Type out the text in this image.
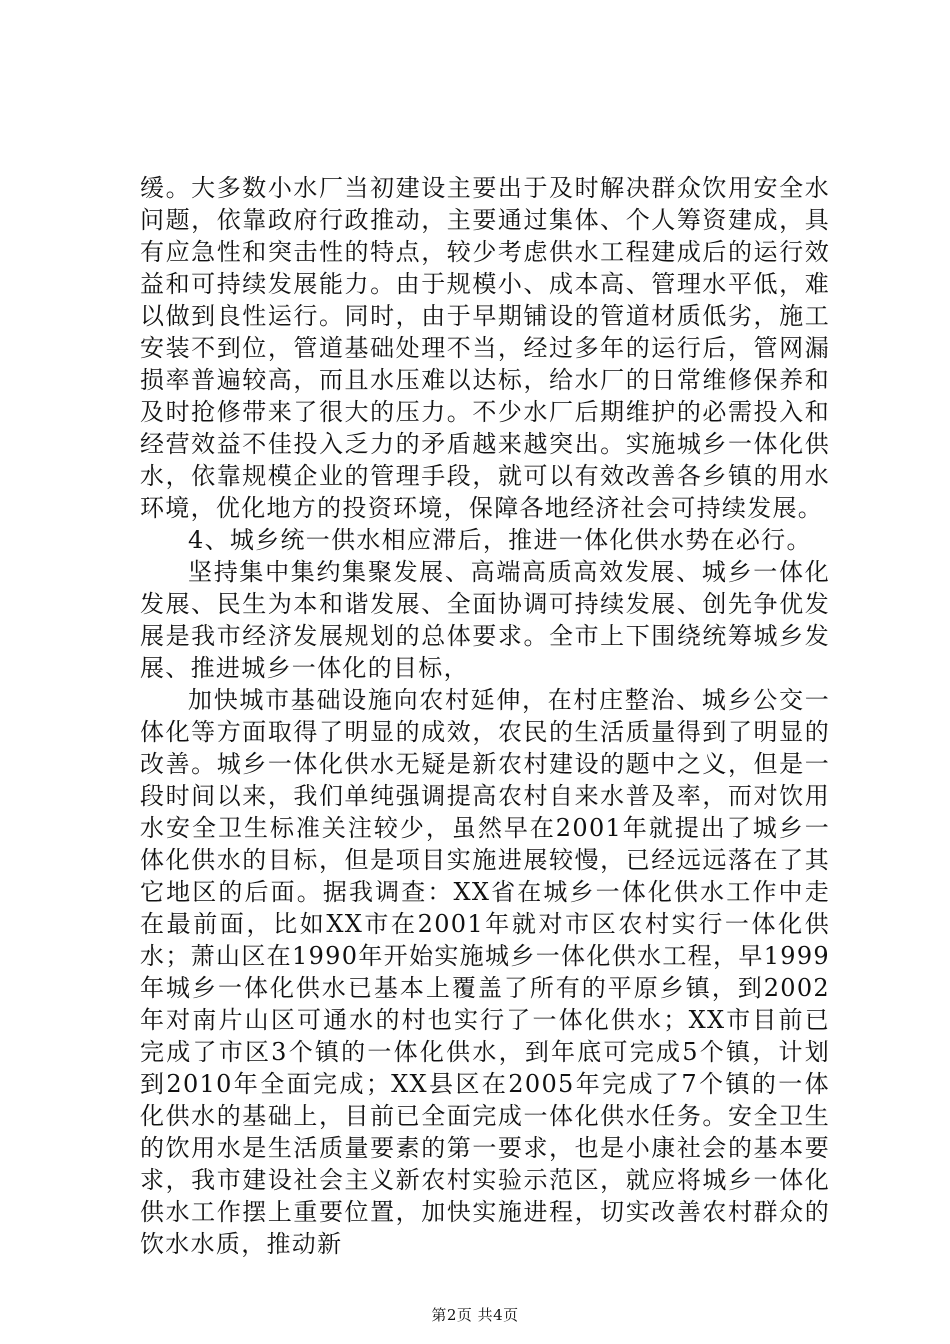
缓。大多数小水厂当初建设主要出于及时解决群众饮用安全水问题，依靠政府行政推动，主要通过集体、个人筹资建成，具有应急性和突击性的特点，较少考虑供水工程建成后的运行效益和可持续发展能力。由于规模小、成本高、管理水平低，难以做到良性运行。同时，由于早期铺设的管道材质低劣，施工安装不到位，管道基础处理不当，经过多年的运行后，管网漏损率普遍较高，而且水压难以达标，给水厂的日常维修保养和及时抢修带来了很大的压力。不少水厂后期维护的必需投入和经营效益不佳投入乏力的矛盾越来越突出。实施城乡一体化供水，依靠规模企业的管理手段，就可以有效改善各乡镇的用水环境，优化地方的投资环境，保障各地经济社会可持续发展。

4、城乡统一供水相应滞后，推进一体化供水势在必行。

坚持集中集约集聚发展、高端高质高效发展、城乡一体化发展、民生为本和谐发展、全面协调可持续发展、创先争优发展是我市经济发展规划的总体要求。全市上下围绕统筹城乡发展、推进城乡一体化的目标，

加快城市基础设施向农村延伸，在村庄整治、城乡公交一体化等方面取得了明显的成效，农民的生活质量得到了明显的改善。城乡一体化供水无疑是新农村建设的题中之义，但是一段时间以来，我们单纯强调提高农村自来水普及率，而对饮用水安全卫生标准关注较少，虽然早在2001年就提出了城乡一体化供水的目标，但是项目实施进展较慢，已经远远落在了其它地区的后面。据我调查：XX省在城乡一体化供水工作中走在最前面，比如XX市在2001年就对市区农村实行一体化供水；萧山区在1990年开始实施城乡一体化供水工程，早1999年城乡一体化供水已基本上覆盖了所有的平原乡镇，到2002年对南片山区可通水的村也实行了一体化供水；XX市目前已完成了市区3个镇的一体化供水，到年底可完成5个镇，计划到2010年全面完成；XX县区在2005年完成了7个镇的一体化供水的基础上，目前已全面完成一体化供水任务。安全卫生的饮用水是生活质量要素的第一要求，也是小康社会的基本要求，我市建设社会主义新农村实验示范区，就应将城乡一体化供水工作摆上重要位置，加快实施进程，切实改善农村群众的饮水水质，推动新

第2页 共4页
